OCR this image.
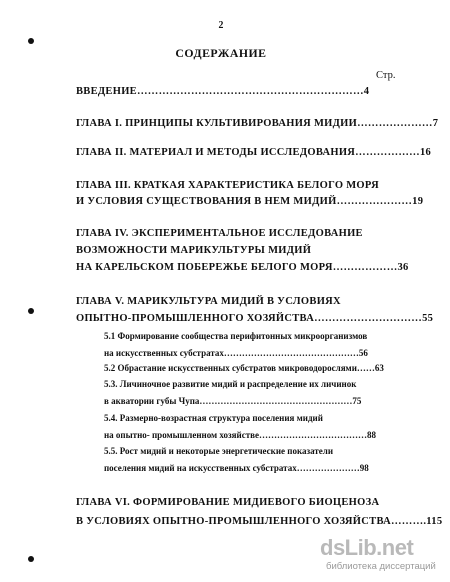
2
СОДЕРЖАНИЕ
Стр.
ВВЕДЕНИЕ………………………………………………………4
ГЛАВА I. ПРИНЦИПЫ КУЛЬТИВИРОВАНИЯ МИДИИ…………………7
ГЛАВА II. МАТЕРИАЛ И МЕТОДЫ ИССЛЕДОВАНИЯ………………16
ГЛАВА III. КРАТКАЯ ХАРАКТЕРИСТИКА БЕЛОГО МОРЯ
И УСЛОВИЯ СУЩЕСТВОВАНИЯ В НЕМ МИДИЙ…………………19
ГЛАВА IV. ЭКСПЕРИМЕНТАЛЬНОЕ ИССЛЕДОВАНИЕ
ВОЗМОЖНОСТИ МАРИКУЛЬТУРЫ МИДИЙ
НА КАРЕЛЬСКОМ ПОБЕРЕЖЬЕ БЕЛОГО МОРЯ………………36
ГЛАВА V. МАРИКУЛЬТУРА МИДИЙ В УСЛОВИЯХ
ОПЫТНО-ПРОМЫШЛЕННОГО ХОЗЯЙСТВА…………………………55
5.1 Формирование сообщества перифитонных микроорганизмов
на искусственных субстратах………………………………………56
5.2 Обрастание искусственных субстратов микроводорослями……63
5.3. Личиночное развитие мидий и распределение их личинок
в акватории губы Чупа……………………………………………75
5.4. Размерно-возрастная структура поселения мидий
на опытно- промышленном хозяйстве………………………………88
5.5. Рост мидий и некоторые энергетические показатели
поселения мидий на искусственных субстратах…………………98
ГЛАВА VI. ФОРМИРОВАНИЕ МИДИЕВОГО БИОЦЕНОЗА
В УСЛОВИЯХ ОПЫТНО-ПРОМЫШЛЕННОГО ХОЗЯЙСТВА……….115
dsLib.net
библиотека диссертаций
